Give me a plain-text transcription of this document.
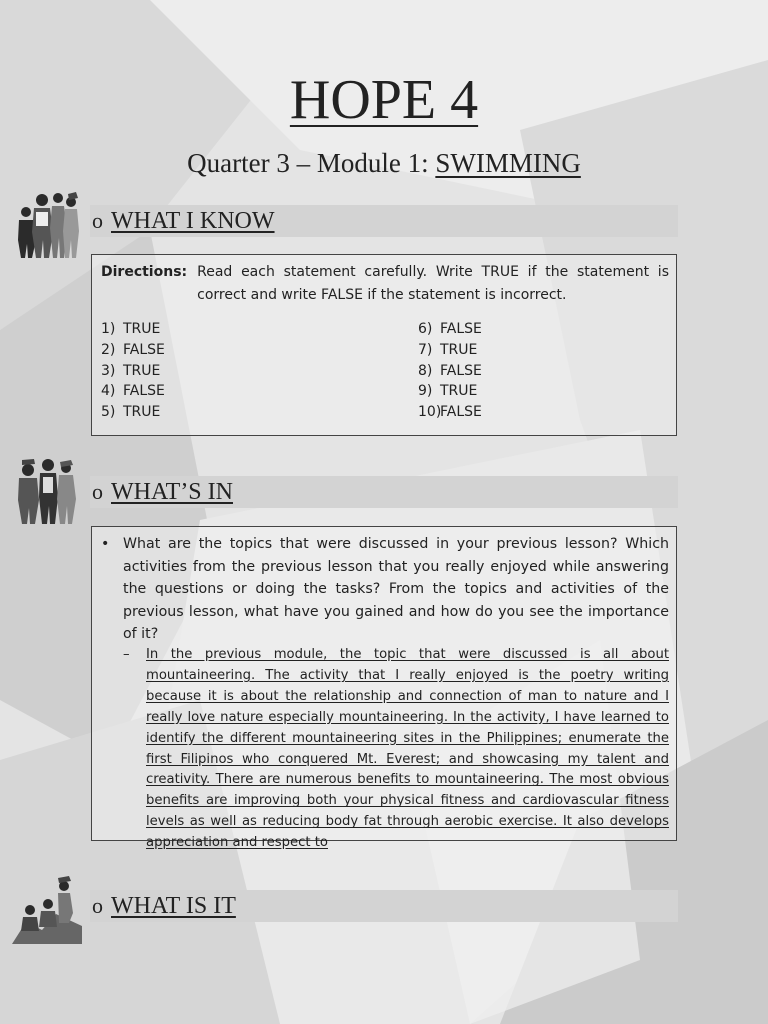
HOPE 4
Quarter 3 – Module 1: SWIMMING
o WHAT I KNOW
Directions: Read each statement carefully. Write TRUE if the statement is correct and write FALSE if the statement is incorrect.
1) TRUE
2) FALSE
3) TRUE
4) FALSE
5) TRUE
6) FALSE
7) TRUE
8) FALSE
9) TRUE
10)
FALSE
o WHAT’S IN
• What are the topics that were discussed in your previous lesson? Which activities from the previous lesson that you really enjoyed while answering the questions or doing the tasks? From the topics and activities of the previous lesson, what have you gained and how do you see the importance of it?
–	In the previous module, the topic that were discussed is all about mountaineering. The activity that I really enjoyed is the poetry writing because it is about the relationship and connection of man to nature and I really love nature especially mountaineering. In the activity, I have learned to identify the different mountaineering sites in the Philippines; enumerate the first Filipinos who conquered Mt. Everest; and showcasing my talent and creativity. There are numerous benefits to mountaineering. The most obvious benefits are improving both your physical fitness and cardiovascular fitness levels as well as reducing body fat through aerobic exercise. It also develops appreciation and respect to
o WHAT IS IT
